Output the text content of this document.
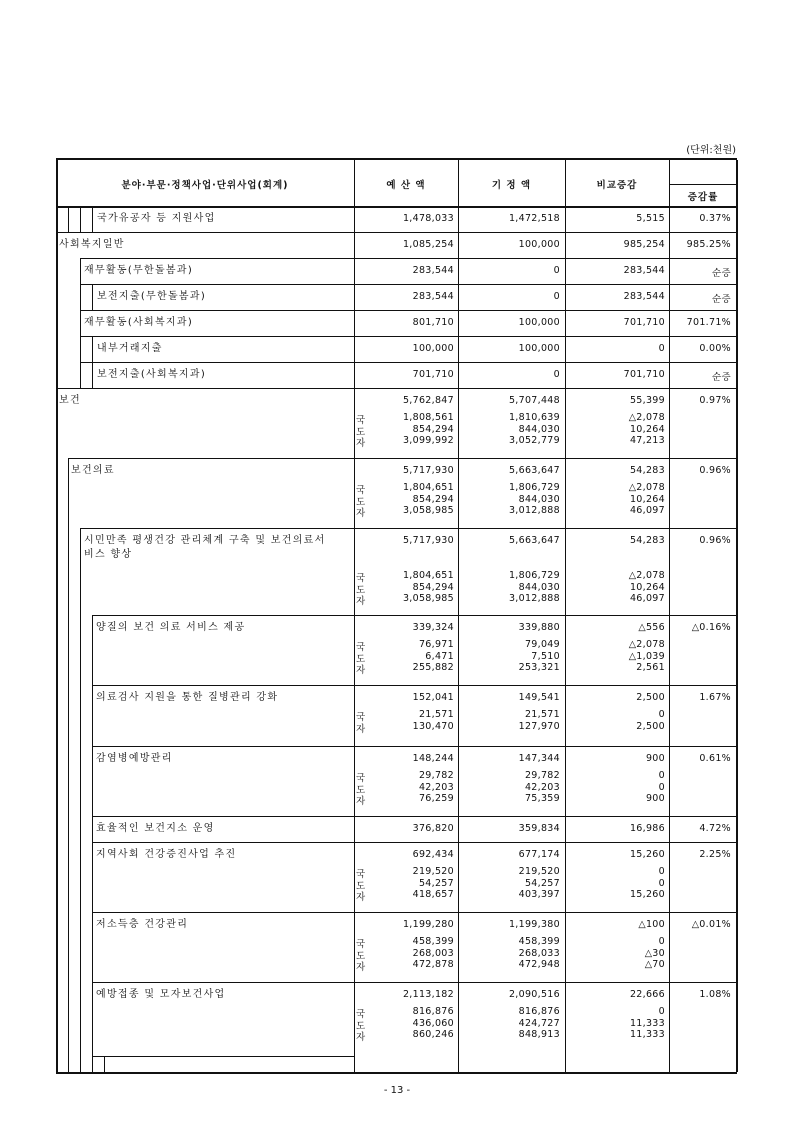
(단위:천원)
분야·부문·정책사업·단위사업(회계)	예 산 액	기 정 액	비교증감
증감률
국가유공자 등 지원사업	1,478,033	1,472,518	5,515	0.37%
사회복지일반	1,085,254	100,000	985,254	985.25%
재무활동(무한돌봄과)	283,544	0	283,544	순증
보전지출(무한돌봄과)	283,544	0	283,544	순증
재무활동(사회복지과)	801,710	100,000	701,710	701.71%
내부거래지출	100,000	100,000	0	0.00%
보전지출(사회복지과)	701,710	0	701,710	순증
보건	5,762,847	5,707,448	55,399	0.97%
국	1,808,561	1,810,639	△2,078
도	854,294	844,030	10,264
자	3,099,992	3,052,779	47,213
보건의료	5,717,930	5,663,647	54,283	0.96%
국	1,804,651	1,806,729	△2,078
도	854,294	844,030	10,264
자	3,058,985	3,012,888	46,097
시민만족 평생건강 관리체계 구축 및 보건의료서
비스 향상
5,717,930	5,663,647	54,283	0.96%
국	1,804,651	1,806,729	△2,078
도	854,294	844,030	10,264
자	3,058,985	3,012,888	46,097
양질의 보건 의료 서비스 제공	339,324	339,880	△556	△0.16%
국	76,971	79,049	△2,078
도	6,471	7,510	△1,039
자	255,882	253,321	2,561
의료검사 지원을 통한 질병관리 강화	152,041	149,541	2,500	1.67%
국	21,571	21,571	0
자	130,470	127,970	2,500
감염병예방관리	148,244	147,344	900	0.61%
국	29,782	29,782	0
도	42,203	42,203	0
자	76,259	75,359	900
효율적인 보건지소 운영	376,820	359,834	16,986	4.72%
지역사회 건강증진사업 추진	692,434	677,174	15,260	2.25%
국	219,520	219,520	0
도	54,257	54,257	0
자	418,657	403,397	15,260
저소득층 건강관리	1,199,280	1,199,380	△100	△0.01%
국	458,399	458,399	0
도	268,003	268,033	△30
자	472,878	472,948	△70
예방접종 및 모자보건사업	2,113,182	2,090,516	22,666	1.08%
국	816,876	816,876	0
도	436,060	424,727	11,333
자	860,246	848,913	11,333
- 13 -
